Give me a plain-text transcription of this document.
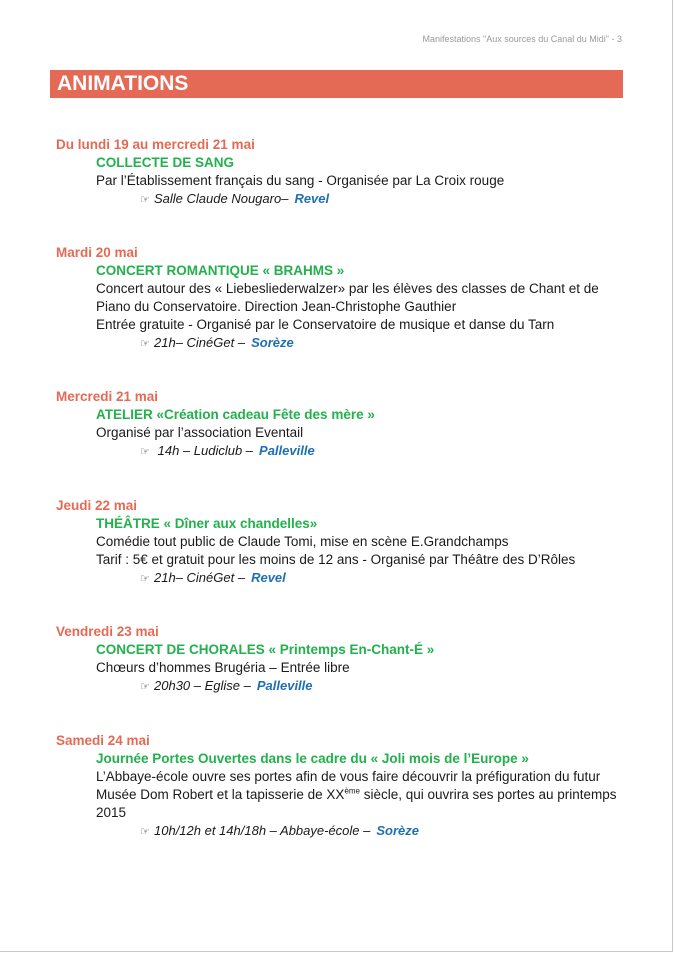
Manifestations "Aux sources du Canal du Midi" - 3
ANIMATIONS
Du lundi 19 au mercredi 21 mai
COLLECTE DE SANG
Par l’Établissement français du sang - Organisée par La Croix rouge
☞ Salle Claude Nougaro– Revel
Mardi 20 mai
CONCERT ROMANTIQUE « BRAHMS »
Concert autour des « Liebesliederwalzer» par les élèves des classes de Chant et de Piano du Conservatoire. Direction Jean-Christophe Gauthier
Entrée gratuite - Organisé par le Conservatoire de musique et danse du Tarn
☞ 21h– CinéGet – Sorèze
Mercredi 21 mai
ATELIER «Création cadeau Fête des mère »
Organisé par l’association Eventail
☞ 14h – Ludiclub – Palleville
Jeudi 22 mai
THÉÂTRE « Dîner aux chandelles»
Comédie tout public de Claude Tomi, mise en scène E.Grandchamps
Tarif : 5€ et gratuit pour les moins de 12 ans - Organisé par Théâtre des D’Rôles
☞ 21h– CinéGet – Revel
Vendredi 23 mai
CONCERT DE CHORALES « Printemps En-Chant-É »
Chœurs d’hommes Brugéria – Entrée libre
☞ 20h30 – Eglise – Palleville
Samedi 24 mai
Journée Portes Ouvertes dans le cadre du « Joli mois de l’Europe »
L’Abbaye-école ouvre ses portes afin de vous faire découvrir la préfiguration du futur Musée Dom Robert et la tapisserie de XXème siècle, qui ouvrira ses portes au printemps 2015
☞ 10h/12h et 14h/18h – Abbaye-école – Sorèze
